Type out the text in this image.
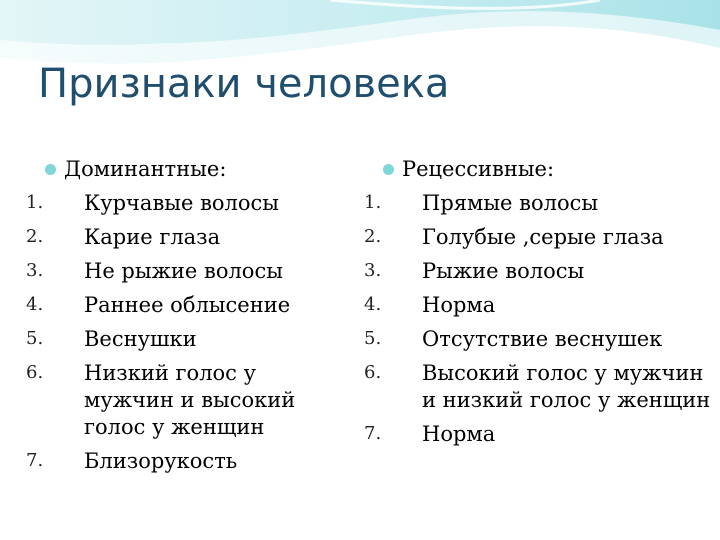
Признаки человека
Доминантные:
1. Курчавые волосы
2. Карие глаза
3. Не рыжие волосы
4. Раннее облысение
5. Веснушки
6. Низкий голос у мужчин и высокий голос у женщин
7. Близорукость
Рецессивные:
1. Прямые волосы
2. Голубые ,серые глаза
3. Рыжие волосы
4. Норма
5. Отсутствие веснушек
6. Высокий голос у мужчин и низкий голос у женщин
7. Норма
